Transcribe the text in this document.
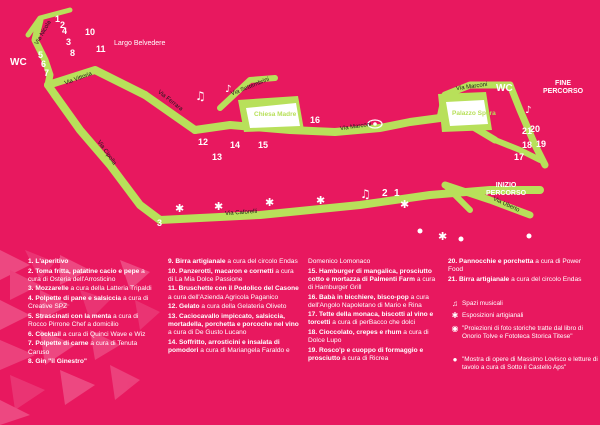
♫ ♪
♪
♫
✱	✱	✱	✱	✱
✱
Via Nicola
Via Vittoria
Via Ferrara
Via Cipolla
Via Settembrini
Via Marconi
Via Marconi
Via Caforelli	Via Uberto
Chiesa Madre	Palazzo Spera
Largo Belvedere
FINE
PERCORSO
INIZIO
PERCORSO
WC
WC
5
6
7
4
3
8
10
11
1
2
12
13
14 15
16
17
18 19
20
21
2 1
3
1. L'aperitivo
2. Toma fritta, patatine cacio e pepe a cura di Osteria dell'Arrosticino
3. Mozzarelle a cura della Latteria Tripaldi
4. Polpette di pane e salsiccia a cura di Creative SPZ
5. Strascinati con la menta a cura di Rocco Pirrone Chef a domicilio
6. Cocktail a cura di Quinci Wave e Wiz
7. Polpette di carne a cura di Tenuta Caruso
8. Gin "il Ginestro"
9. Birra artigianale a cura del circolo Endas
10. Panzerotti, macaron e cornetti a cura di La Mia Dolce Passione
11. Bruschette con il Podolico del Casone a cura dell'Azienda Agricola Paganico
12. Gelato a cura della Gelateria Oliveto
13. Caciocavallo impiccato, salsiccia, mortadella, porchetta e porcoche nel vino a cura di De Gusto Lucano
14. Soffritto, arrosticini e insalata di pomodori a cura di Mariangela Faraldo e
Domenico Lomonaco
15. Hamburger di mangalica, prosciutto cotto e mortazza di Palmenti Farm a cura di Hamburger Grill
16. Babà in bicchiere, bisco-pop a cura dell'Angolo Napoletano di Mario e Rina
17. Tette della monaca, biscotti al vino e torcetti a cura di perBacco che dolci
18. Cioccolato, crepes e rhum a cura di Dolce Lupo
19. Rosco'p e cuoppo di formaggio e prosciutto a cura di Ricrea
20. Pannocchie e porchetta a cura di Power Food
21. Birra artigianale a cura del circolo Endas
♫ Spazi musicali
✱ Esposizioni artigianali
◉ "Proiezioni di foto storiche tratte dal libro di Onorio Tolve e Fototeca Storica Titese"
● "Mostra di opere di Massimo Lovisco e letture di tavolo a cura di Sotto il Castello Aps"
